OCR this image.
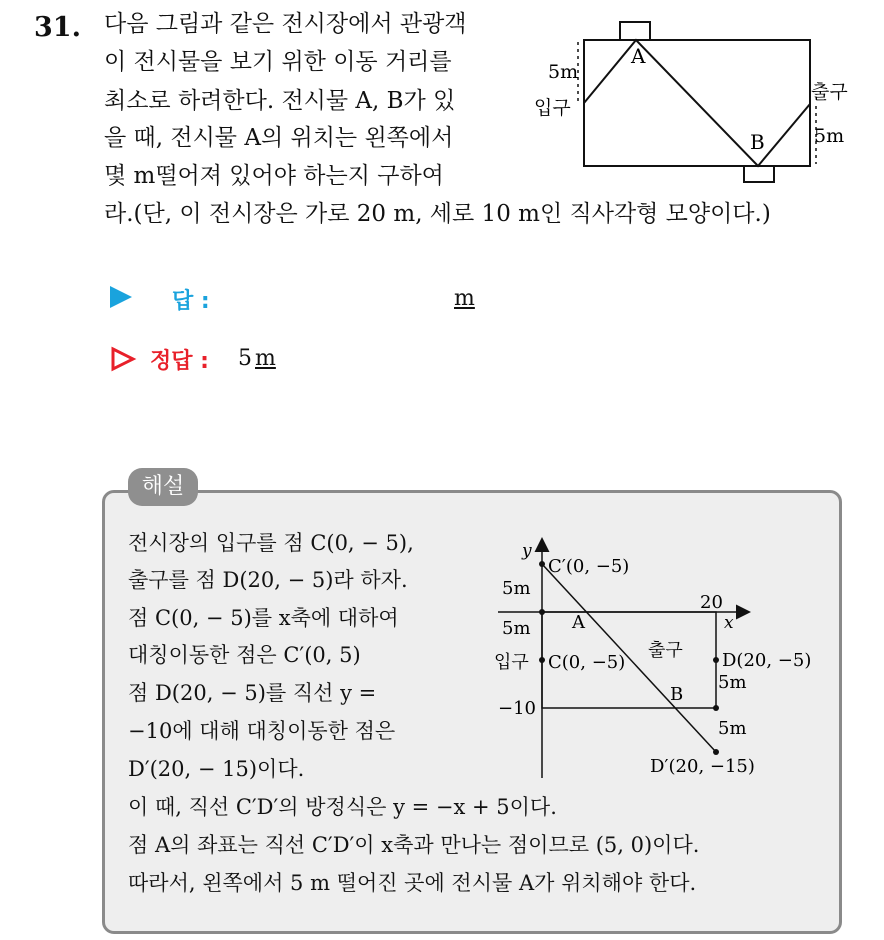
31. 다음 그림과 같은 전시장에서 관광객
이 전시물을 보기 위한 이동 거리를
최소로 하려한다. 전시물 A, B가 있
을 때, 전시물 A의 위치는 왼쪽에서
몇 m떨어져 있어야 하는지 구하여
라.(단, 이 전시장은 가로 20 m, 세로 10 m인 직사각형 모양이다.)
A
B
5m
입구
출구
5m
답 :	m
정답 : 5 m
해설
전시장의 입구를 점 C(0, − 5),
출구를 점 D(20, − 5)라 하자.
점 C(0, − 5)를 x축에 대하여
대칭이동한 점은 C′(0, 5)
점 D(20, − 5)를 직선 y =
−10에 대해 대칭이동한 점은
D′(20, − 15)이다.
이 때, 직선 C′D′의 방정식은 y = −x + 5이다.
점 A의 좌표는 직선 C′D′이 x축과 만나는 점이므로 (5, 0)이다.
따라서, 왼쪽에서 5 m 떨어진 곳에 전시물 A가 위치해야 한다.
y
x
C′(0, −5)
5m
5m
20
A
출구
입구 C(0, −5)	D(20, −5)
5m
−10
B
5m
D′(20, −15)
